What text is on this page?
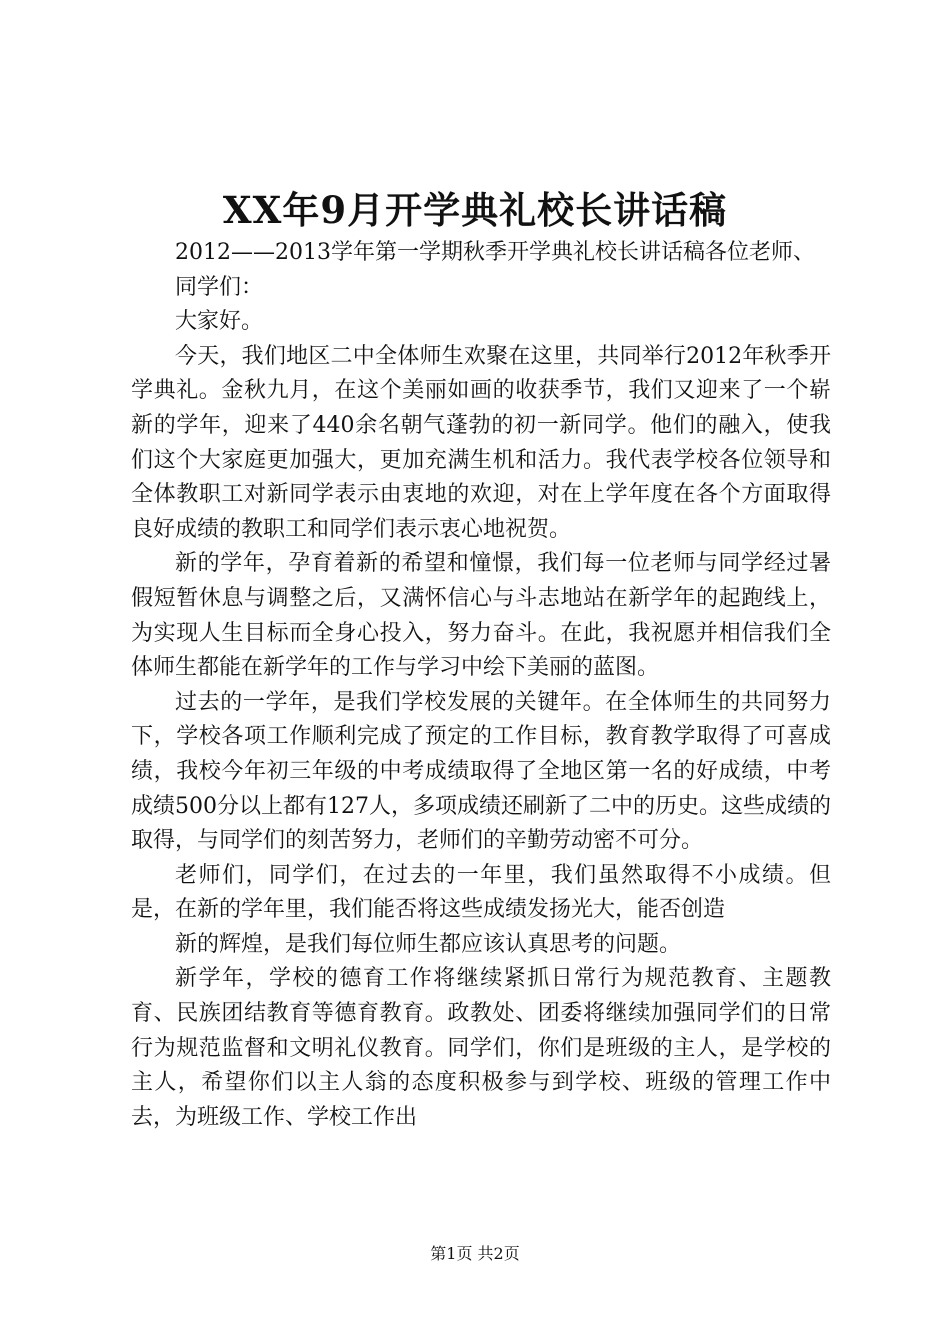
XX年9月开学典礼校长讲话稿

2012——2013学年第一学期秋季开学典礼校长讲话稿各位老师、

同学们：

大家好。

今天，我们地区二中全体师生欢聚在这里，共同举行2012年秋季开学典礼。金秋九月，在这个美丽如画的收获季节，我们又迎来了一个崭新的学年，迎来了440余名朝气蓬勃的初一新同学。他们的融入，使我们这个大家庭更加强大，更加充满生机和活力。我代表学校各位领导和全体教职工对新同学表示由衷地的欢迎，对在上学年度在各个方面取得良好成绩的教职工和同学们表示衷心地祝贺。

新的学年，孕育着新的希望和憧憬，我们每一位老师与同学经过暑假短暂休息与调整之后，又满怀信心与斗志地站在新学年的起跑线上，为实现人生目标而全身心投入，努力奋斗。在此，我祝愿并相信我们全体师生都能在新学年的工作与学习中绘下美丽的蓝图。

过去的一学年，是我们学校发展的关键年。在全体师生的共同努力下，学校各项工作顺利完成了预定的工作目标，教育教学取得了可喜成绩，我校今年初三年级的中考成绩取得了全地区第一名的好成绩，中考成绩500分以上都有127人，多项成绩还刷新了二中的历史。这些成绩的取得，与同学们的刻苦努力，老师们的辛勤劳动密不可分。

老师们，同学们，在过去的一年里，我们虽然取得不小成绩。但是，在新的学年里，我们能否将这些成绩发扬光大，能否创造

新的辉煌，是我们每位师生都应该认真思考的问题。

新学年，学校的德育工作将继续紧抓日常行为规范教育、主题教育、民族团结教育等德育教育。政教处、团委将继续加强同学们的日常行为规范监督和文明礼仪教育。同学们，你们是班级的主人，是学校的主人，希望你们以主人翁的态度积极参与到学校、班级的管理工作中去，为班级工作、学校工作出

第1页 共2页
